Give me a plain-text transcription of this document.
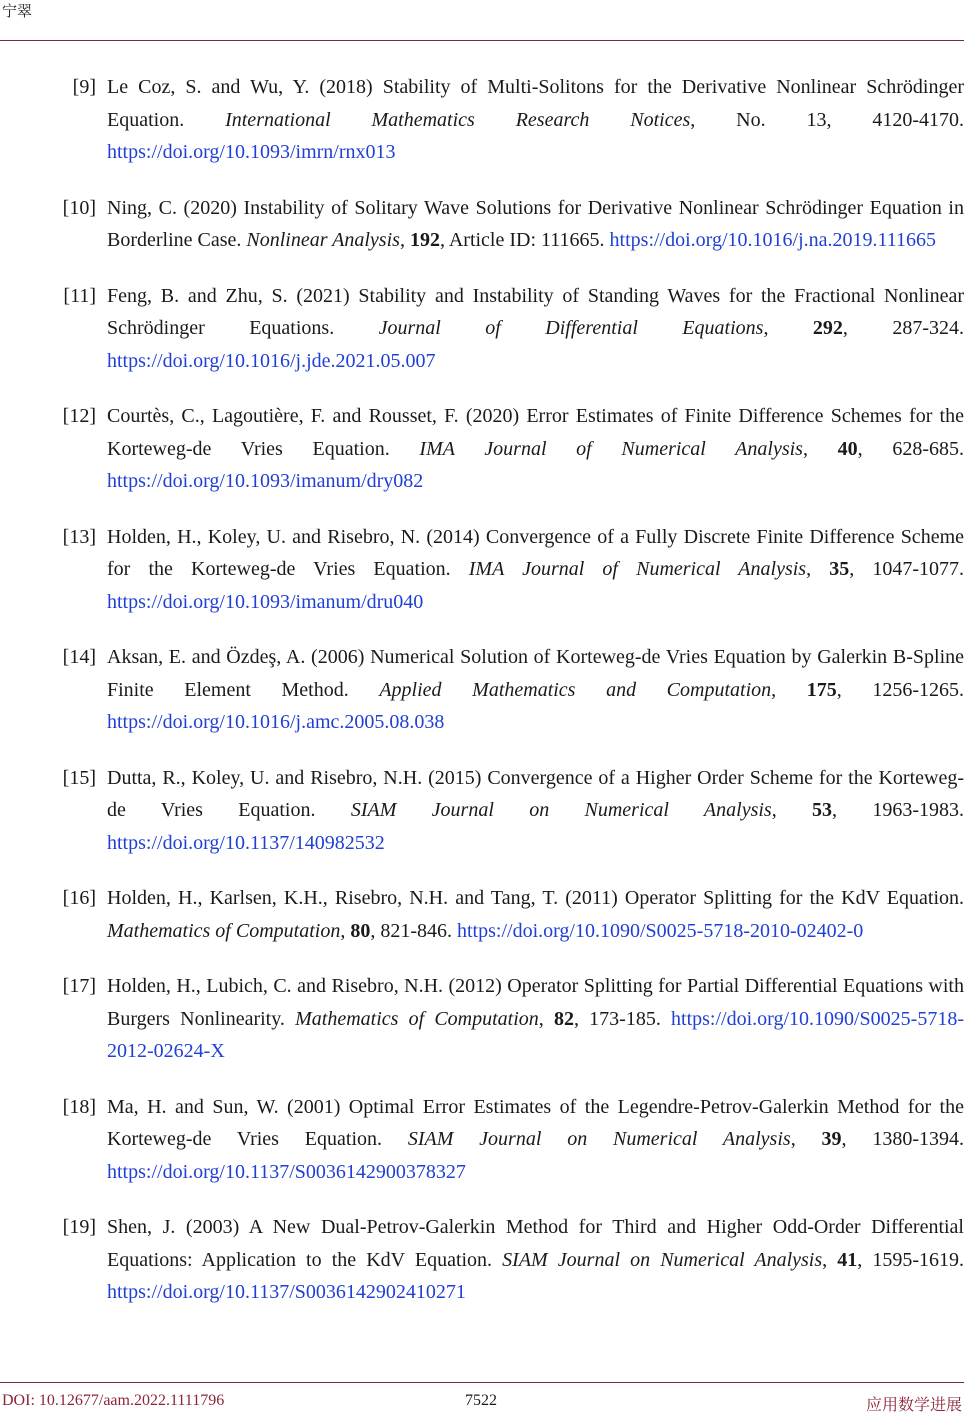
宁翠
[9] Le Coz, S. and Wu, Y. (2018) Stability of Multi-Solitons for the Derivative Nonlinear Schrödinger Equation. International Mathematics Research Notices, No. 13, 4120-4170. https://doi.org/10.1093/imrn/rnx013
[10] Ning, C. (2020) Instability of Solitary Wave Solutions for Derivative Nonlinear Schrödinger Equation in Borderline Case. Nonlinear Analysis, 192, Article ID: 111665. https://doi.org/10.1016/j.na.2019.111665
[11] Feng, B. and Zhu, S. (2021) Stability and Instability of Standing Waves for the Fractional Nonlinear Schrödinger Equations. Journal of Differential Equations, 292, 287-324. https://doi.org/10.1016/j.jde.2021.05.007
[12] Courtès, C., Lagoutière, F. and Rousset, F. (2020) Error Estimates of Finite Difference Schemes for the Korteweg-de Vries Equation. IMA Journal of Numerical Analysis, 40, 628-685. https://doi.org/10.1093/imanum/dry082
[13] Holden, H., Koley, U. and Risebro, N. (2014) Convergence of a Fully Discrete Finite Difference Scheme for the Korteweg-de Vries Equation. IMA Journal of Numerical Analysis, 35, 1047-1077. https://doi.org/10.1093/imanum/dru040
[14] Aksan, E. and Özdeş, A. (2006) Numerical Solution of Korteweg-de Vries Equation by Galerkin B-Spline Finite Element Method. Applied Mathematics and Computation, 175, 1256-1265. https://doi.org/10.1016/j.amc.2005.08.038
[15] Dutta, R., Koley, U. and Risebro, N.H. (2015) Convergence of a Higher Order Scheme for the Korteweg-de Vries Equation. SIAM Journal on Numerical Analysis, 53, 1963-1983. https://doi.org/10.1137/140982532
[16] Holden, H., Karlsen, K.H., Risebro, N.H. and Tang, T. (2011) Operator Splitting for the KdV Equation. Mathematics of Computation, 80, 821-846. https://doi.org/10.1090/S0025-5718-2010-02402-0
[17] Holden, H., Lubich, C. and Risebro, N.H. (2012) Operator Splitting for Partial Differential Equations with Burgers Nonlinearity. Mathematics of Computation, 82, 173-185. https://doi.org/10.1090/S0025-5718-2012-02624-X
[18] Ma, H. and Sun, W. (2001) Optimal Error Estimates of the Legendre-Petrov-Galerkin Method for the Korteweg-de Vries Equation. SIAM Journal on Numerical Analysis, 39, 1380-1394. https://doi.org/10.1137/S0036142900378327
[19] Shen, J. (2003) A New Dual-Petrov-Galerkin Method for Third and Higher Odd-Order Differential Equations: Application to the KdV Equation. SIAM Journal on Numerical Analysis, 41, 1595-1619. https://doi.org/10.1137/S0036142902410271
DOI: 10.12677/aam.2022.1111796	7522	应用数学进展
